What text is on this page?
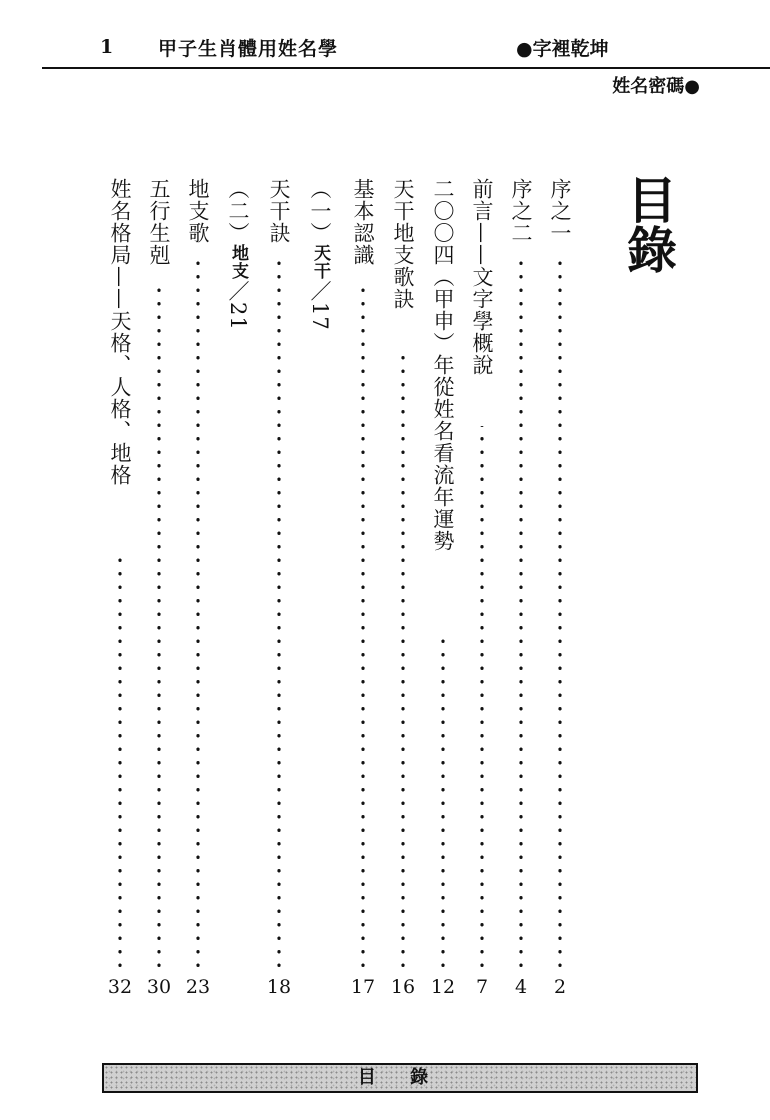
1 甲子生肖體用姓名學	●字裡乾坤
姓名密碼●
目錄
序之一
2
序之二
4
前言——文字學概說
7
二〇〇四（甲申）年從姓名看流年運勢
12
天干地支歌訣
16
基本認識
17
（一）天干／17
天干訣
18
（二）地支／21
地支歌
23
五行生剋
30
姓名格局——天格、人格、地格
32
目 錄
